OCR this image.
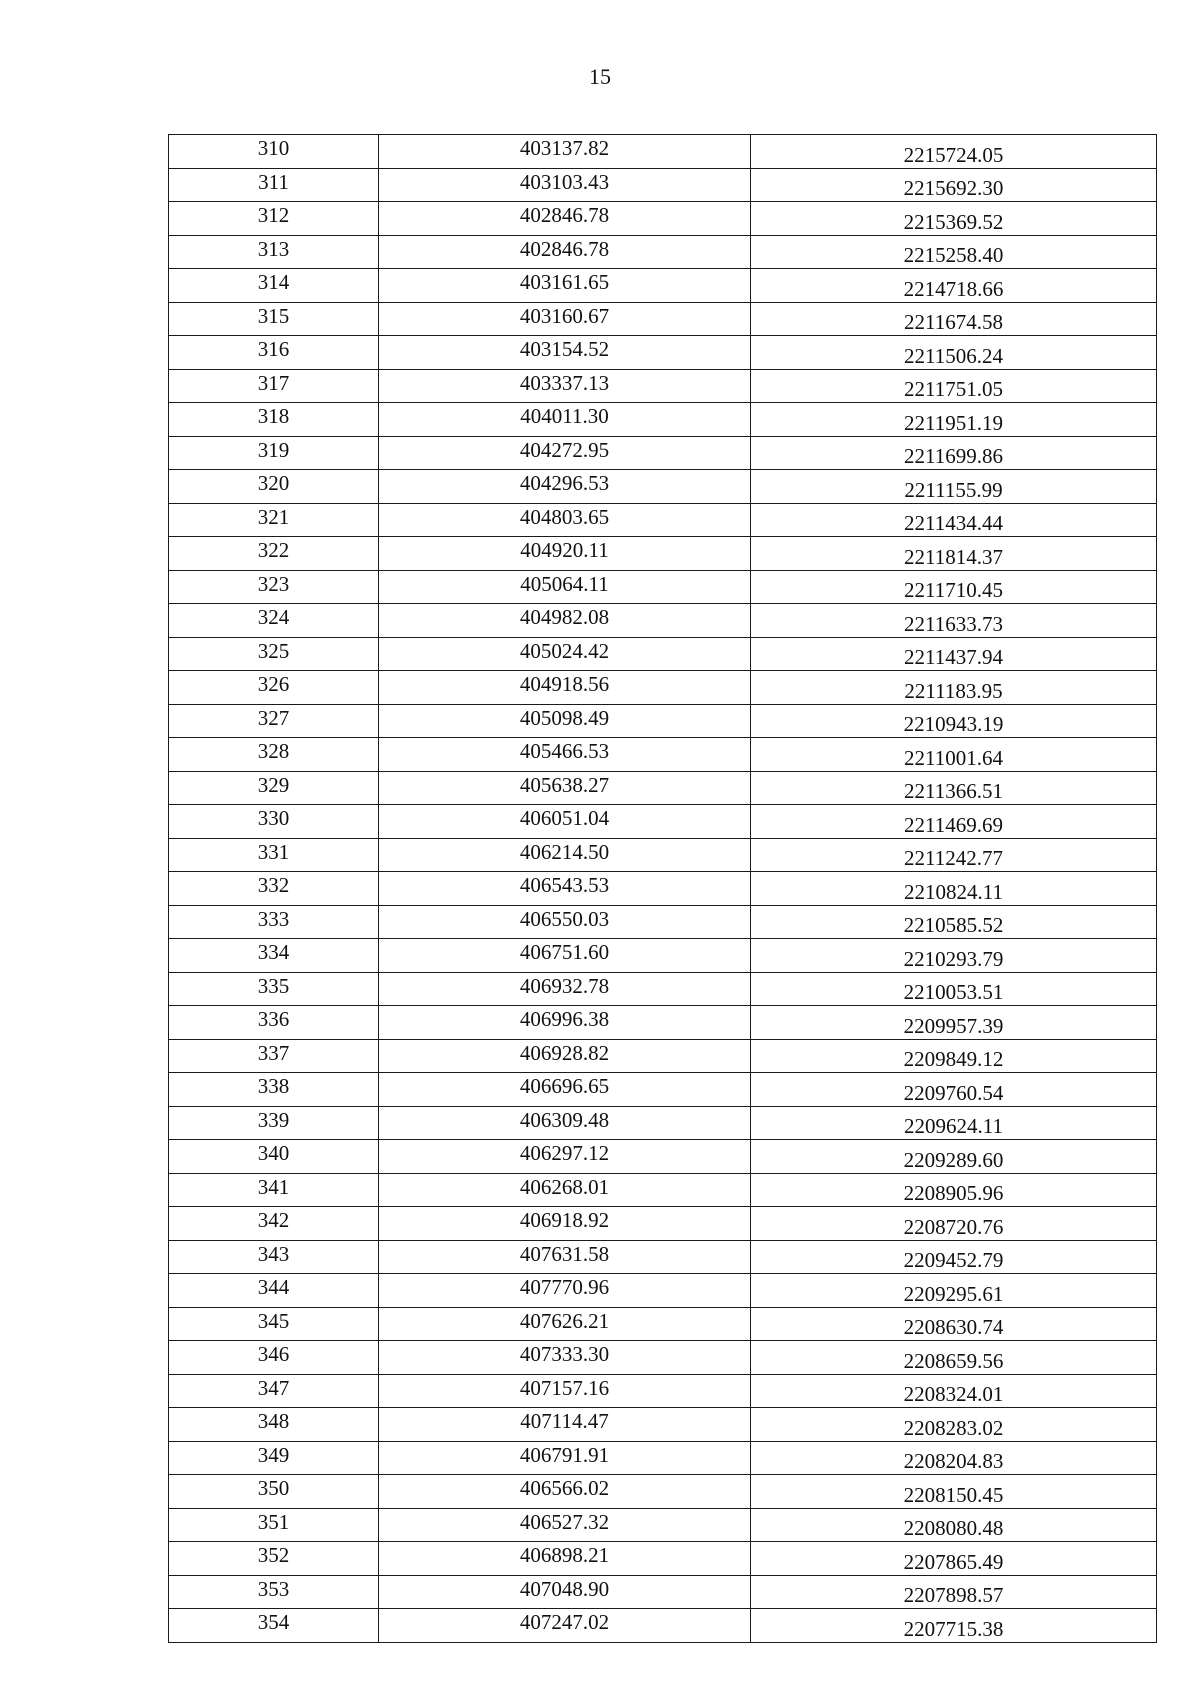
15
310	403137.82	2215724.05
311	403103.43	2215692.30
312	402846.78	2215369.52
313	402846.78	2215258.40
314	403161.65	2214718.66
315	403160.67	2211674.58
316	403154.52	2211506.24
317	403337.13	2211751.05
318	404011.30	2211951.19
319	404272.95	2211699.86
320	404296.53	2211155.99
321	404803.65	2211434.44
322	404920.11	2211814.37
323	405064.11	2211710.45
324	404982.08	2211633.73
325	405024.42	2211437.94
326	404918.56	2211183.95
327	405098.49	2210943.19
328	405466.53	2211001.64
329	405638.27	2211366.51
330	406051.04	2211469.69
331	406214.50	2211242.77
332	406543.53	2210824.11
333	406550.03	2210585.52
334	406751.60	2210293.79
335	406932.78	2210053.51
336	406996.38	2209957.39
337	406928.82	2209849.12
338	406696.65	2209760.54
339	406309.48	2209624.11
340	406297.12	2209289.60
341	406268.01	2208905.96
342	406918.92	2208720.76
343	407631.58	2209452.79
344	407770.96	2209295.61
345	407626.21	2208630.74
346	407333.30	2208659.56
347	407157.16	2208324.01
348	407114.47	2208283.02
349	406791.91	2208204.83
350	406566.02	2208150.45
351	406527.32	2208080.48
352	406898.21	2207865.49
353	407048.90	2207898.57
354	407247.02	2207715.38
